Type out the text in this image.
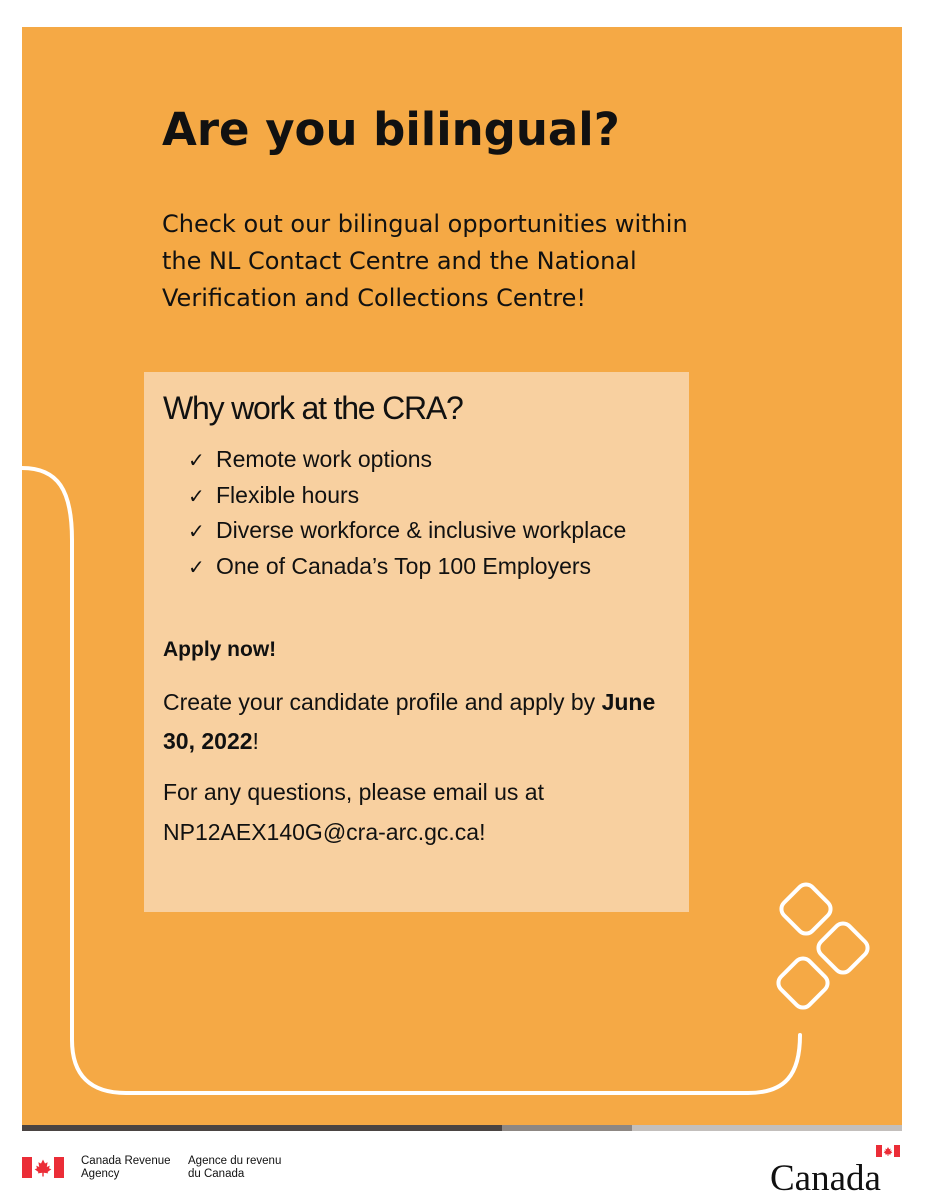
Are you bilingual?

Check out our bilingual opportunities within the NL Contact Centre and the National Verification and Collections Centre!

Why work at the CRA?
✓ Remote work options
✓ Flexible hours
✓ Diverse workforce & inclusive workplace
✓ One of Canada’s Top 100 Employers

Apply now!

Create your candidate profile and apply by June 30, 2022!

For any questions, please email us at NP12AEX140G@cra-arc.gc.ca!

Canada Revenue
Agency

Agence du revenu
du Canada	Canada
